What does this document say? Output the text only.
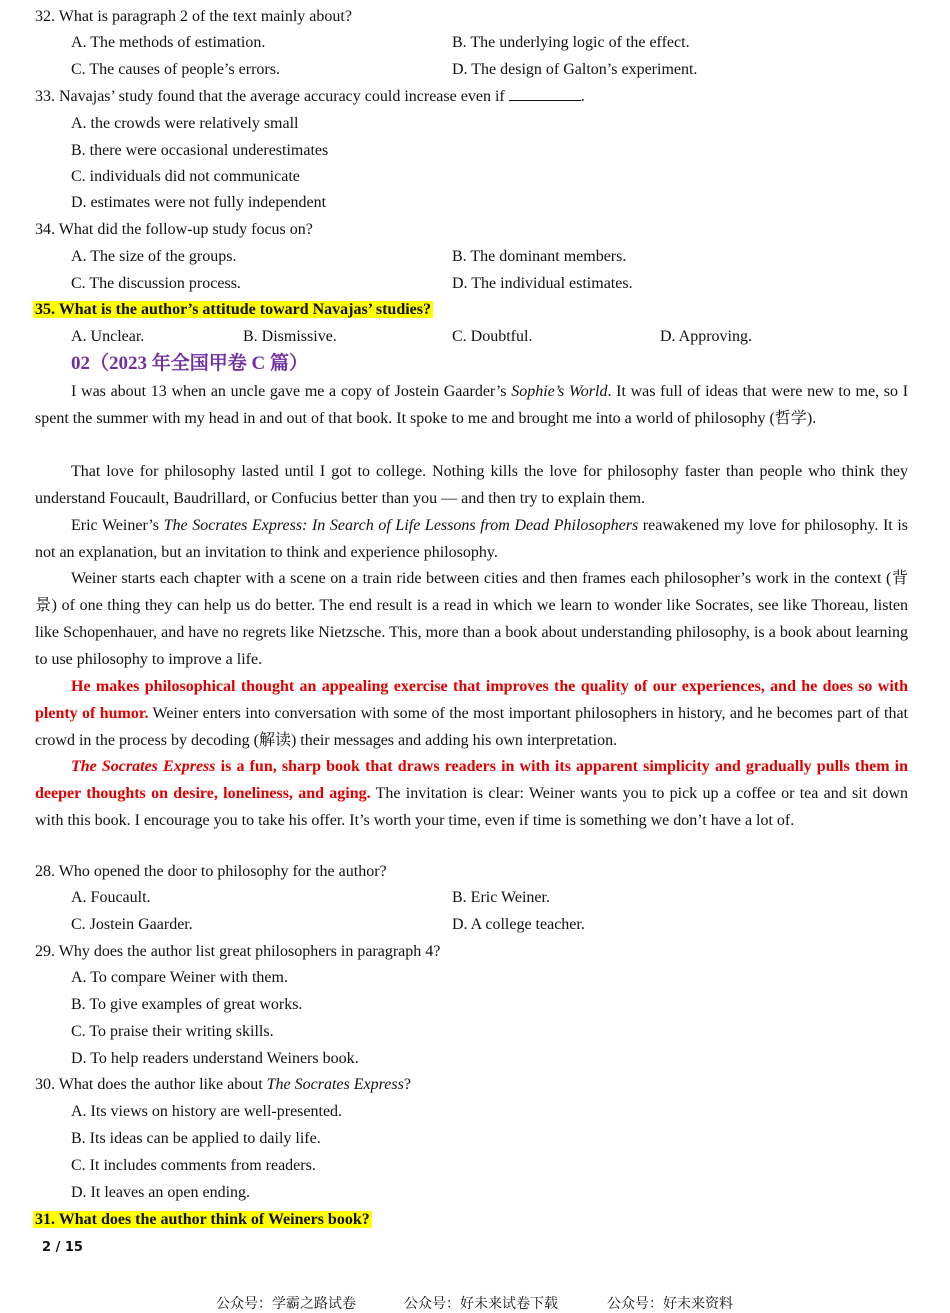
32. What is paragraph 2 of the text mainly about?
A. The methods of estimation.	B. The underlying logic of the effect.
C. The causes of people’s errors.	D. The design of Galton’s experiment.
33. Navajas’ study found that the average accuracy could increase even if	.
A. the crowds were relatively small
B. there were occasional underestimates
C. individuals did not communicate
D. estimates were not fully independent
34. What did the follow-up study focus on?
A. The size of the groups.	B. The dominant members.
C. The discussion process.	D. The individual estimates.
35. What is the author’s attitude toward Navajas’ studies?
A. Unclear.	B. Dismissive.	C. Doubtful.	D. Approving.
02（2023 年全国甲卷 C 篇）

I was about 13 when an uncle gave me a copy of Jostein Gaarder’s Sophie’s World. It was full of ideas that were new to me, so I spent the summer with my head in and out of that book. It spoke to me and brought me into a world of philosophy (哲学).

That love for philosophy lasted until I got to college. Nothing kills the love for philosophy faster than people who think they understand Foucault, Baudrillard, or Confucius better than you — and then try to explain them.

Eric Weiner’s The Socrates Express: In Search of Life Lessons from Dead Philosophers reawakened my love for philosophy. It is not an explanation, but an invitation to think and experience philosophy.

Weiner starts each chapter with a scene on a train ride between cities and then frames each philosopher’s work in the context (背景) of one thing they can help us do better. The end result is a read in which we learn to wonder like Socrates, see like Thoreau, listen like Schopenhauer, and have no regrets like Nietzsche. This, more than a book about understanding philosophy, is a book about learning to use philosophy to improve a life.

He makes philosophical thought an appealing exercise that improves the quality of our experiences, and he does so with plenty of humor. Weiner enters into conversation with some of the most important philosophers in history, and he becomes part of that crowd in the process by decoding (解读) their messages and adding his own interpretation.

The Socrates Express is a fun, sharp book that draws readers in with its apparent simplicity and gradually pulls them in deeper thoughts on desire, loneliness, and aging. The invitation is clear: Weiner wants you to pick up a coffee or tea and sit down with this book. I encourage you to take his offer. It’s worth your time, even if time is something we don’t have a lot of.

28. Who opened the door to philosophy for the author?
A. Foucault.	B. Eric Weiner.
C. Jostein Gaarder.	D. A college teacher.
29. Why does the author list great philosophers in paragraph 4?
A. To compare Weiner with them.
B. To give examples of great works.
C. To praise their writing skills.
D. To help readers understand Weiners book.
30. What does the author like about The Socrates Express?
A. Its views on history are well-presented.
B. Its ideas can be applied to daily life.
C. It includes comments from readers.
D. It leaves an open ending.
31. What does the author think of Weiners book?
2 / 15
公众号：学霸之路试卷	公众号：好未来试卷下载	公众号：好未来资料
